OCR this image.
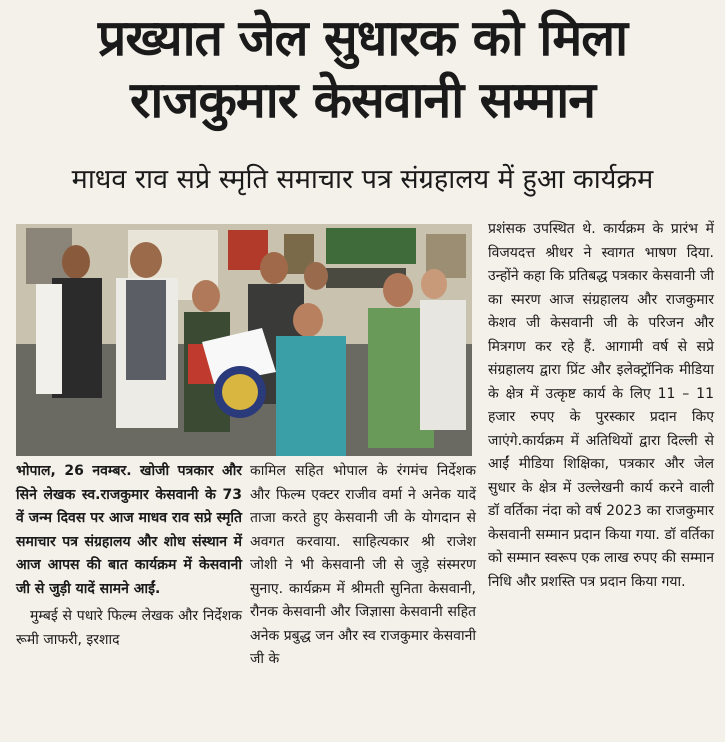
प्रख्यात जेल सुधारक को मिला
राजकुमार केसवानी सम्मान
माधव राव सप्रे स्मृति समाचार पत्र संग्रहालय में हुआ कार्यक्रम

भोपाल, 26 नवम्बर. खोजी पत्रकार और सिने लेखक स्व.राजकुमार केसवानी के 73 वें जन्म दिवस पर आज माधव राव सप्रे स्मृति समाचार पत्र संग्रहालय और शोध संस्थान में आज आपस की बात कार्यक्रम में केसवानी जी से जुड़ी यादें सामने आईं.

मुम्बई से पधारे फिल्म लेखक और निर्देशक रूमी जाफरी, इरशाद

कामिल सहित भोपाल के रंगमंच निर्देशक और फिल्म एक्टर राजीव वर्मा ने अनेक यादें ताजा करते हुए केसवानी जी के योगदान से अवगत करवाया. साहित्यकार श्री राजेश जोशी ने भी केसवानी जी से जुड़े संस्मरण सुनाए. कार्यक्रम में श्रीमती सुनिता केसवानी, रौनक केसवानी और जिज्ञासा केसवानी सहित अनेक प्रबुद्ध जन और स्व राजकुमार केसवानी जी के

प्रशंसक उपस्थित थे. कार्यक्रम के प्रारंभ में विजयदत्त श्रीधर ने स्वागत भाषण दिया. उन्होंने कहा कि प्रतिबद्ध पत्रकार केसवानी जी का स्मरण आज संग्रहालय और राजकुमार केशव जी केसवानी जी के परिजन और मित्रगण कर रहे हैं. आगामी वर्ष से सप्रे संग्रहालय द्वारा प्रिंट और इलेक्ट्रॉनिक मीडिया के क्षेत्र में उत्कृष्ट कार्य के लिए 11 – 11 हजार रुपए के पुरस्कार प्रदान किए जाएंगे.कार्यक्रम में अतिथियों द्वारा दिल्ली से आईं मीडिया शिक्षिका, पत्रकार और जेल सुधार के क्षेत्र में उल्लेखनी कार्य करने वाली डॉ वर्तिका नंदा को वर्ष 2023 का राजकुमार केसवानी सम्मान प्रदान किया गया. डॉ वर्तिका को सम्मान स्वरूप एक लाख रुपए की सम्मान निधि और प्रशस्ति पत्र प्रदान किया गया.
